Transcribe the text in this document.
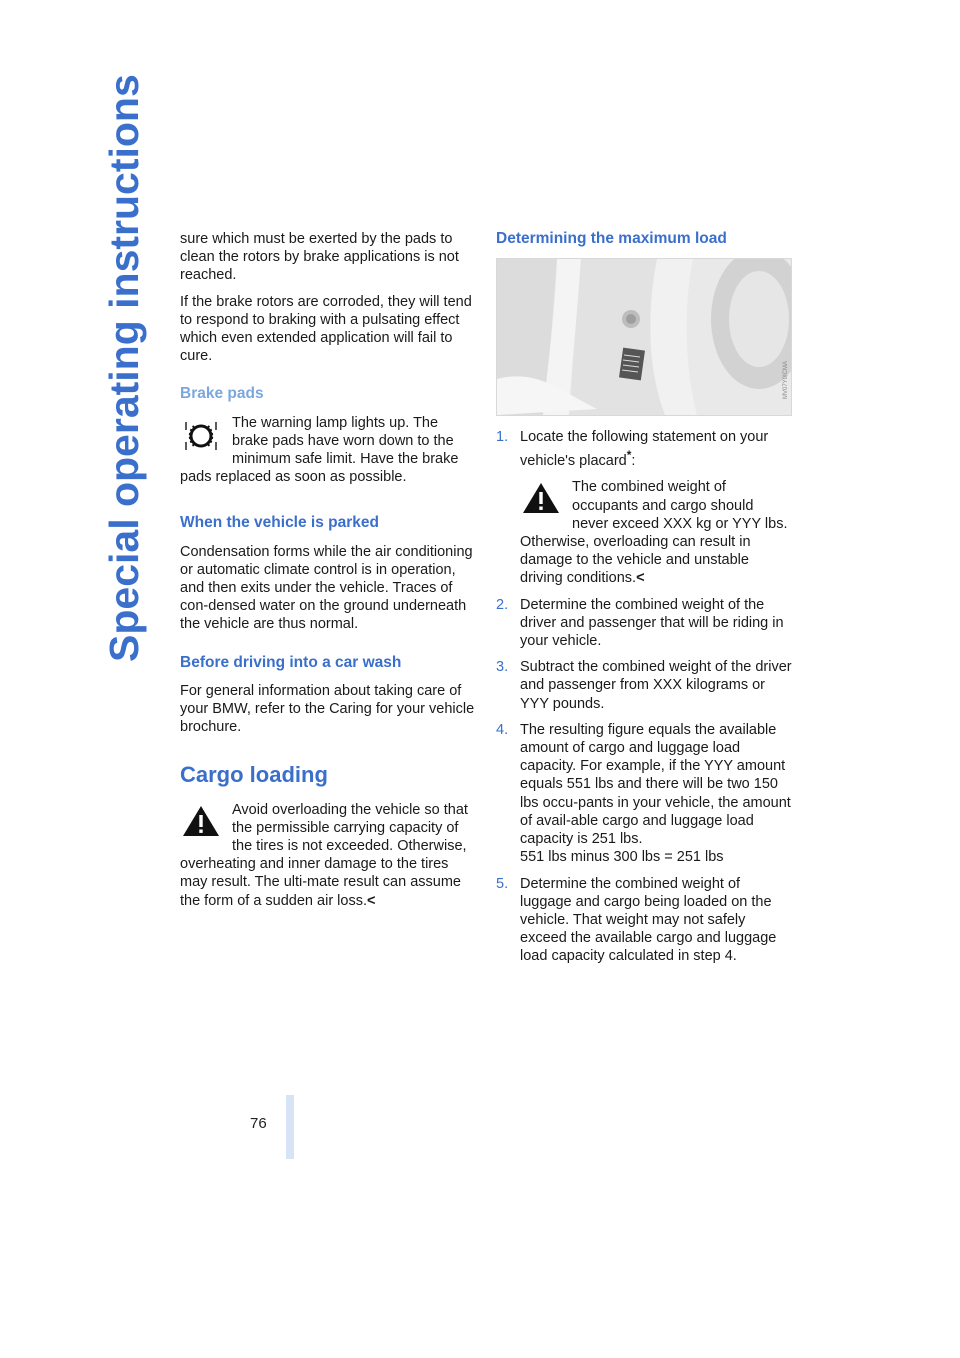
Special operating instructions
76

sure which must be exerted by the pads to clean the rotors by brake applications is not reached.

If the brake rotors are corroded, they will tend to respond to braking with a pulsating effect which even extended application will fail to cure.

Brake pads

The warning lamp lights up. The brake pads have worn down to the minimum safe limit. Have the brake pads replaced as soon as possible.

When the vehicle is parked

Condensation forms while the air conditioning or automatic climate control is in operation, and then exits under the vehicle. Traces of con-densed water on the ground underneath the vehicle are thus normal.

Before driving into a car wash

For general information about taking care of your BMW, refer to the Caring for your vehicle brochure.

Cargo loading

Avoid overloading the vehicle so that the permissible carrying capacity of the tires is not exceeded. Otherwise, overheating and inner damage to the tires may result. The ulti-mate result can assume the form of a sudden air loss.<

Determining the maximum load
MV07Y0ICMA
1. Locate the following statement on your vehicle's placard*:
The combined weight of occupants and cargo should never exceed XXX kg or YYY lbs. Otherwise, overloading can result in damage to the vehicle and unstable driving conditions.<
2. Determine the combined weight of the driver and passenger that will be riding in your vehicle.
3. Subtract the combined weight of the driver and passenger from XXX kilograms or YYY pounds.
4. The resulting figure equals the available amount of cargo and luggage load capacity. For example, if the YYY amount equals 551 lbs and there will be two 150 lbs occu-pants in your vehicle, the amount of avail-able cargo and luggage load capacity is 251 lbs.
551 lbs minus 300 lbs = 251 lbs
5. Determine the combined weight of luggage and cargo being loaded on the vehicle. That weight may not safely exceed the available cargo and luggage load capacity calculated in step 4.
